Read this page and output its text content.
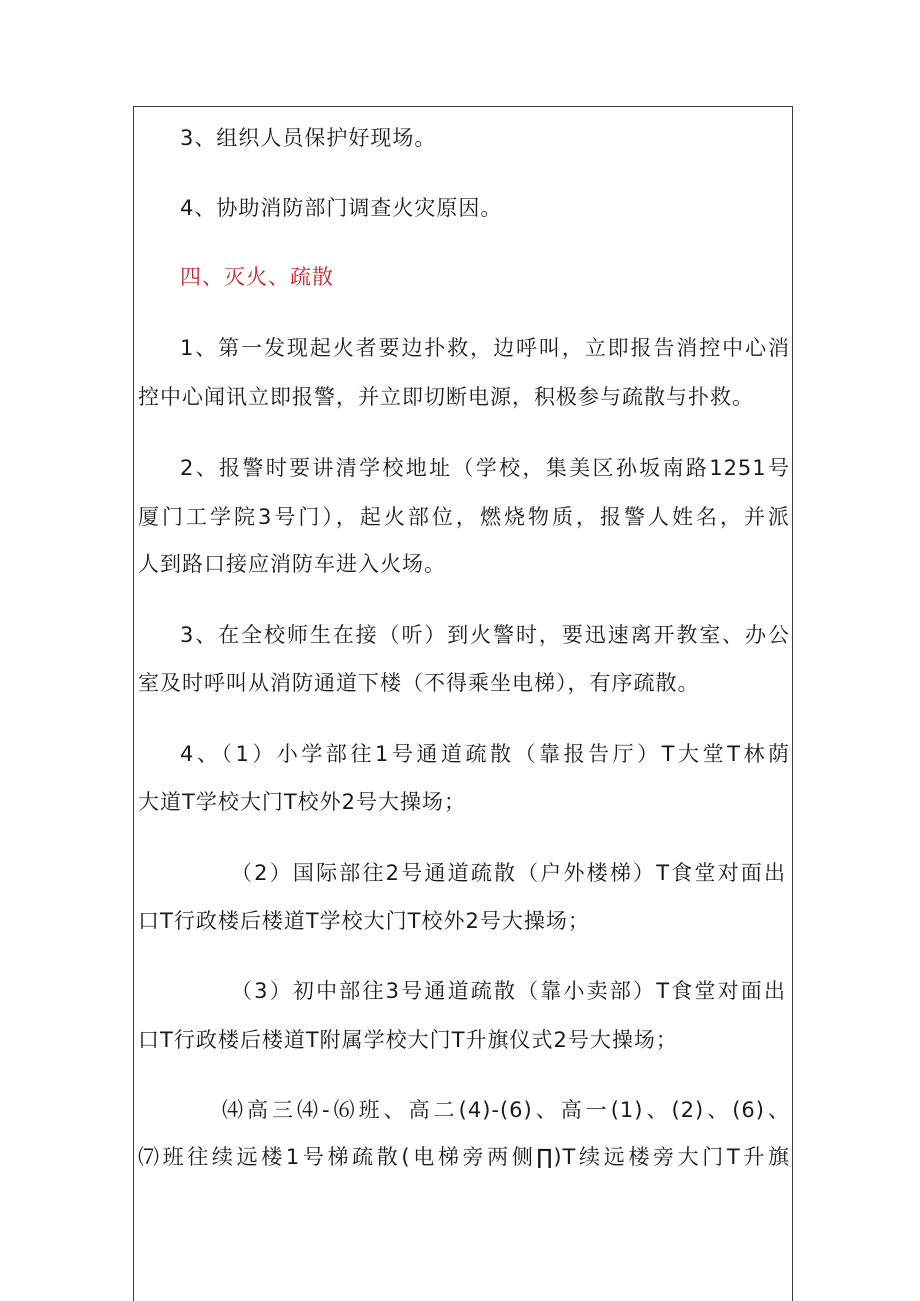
3、组织人员保护好现场。
4、协助消防部门调查火灾原因。
四、灭火、疏散
1、第一发现起火者要边扑救，边呼叫，立即报告消控中心消
控中心闻讯立即报警，并立即切断电源，积极参与疏散与扑救。
2、报警时要讲清学校地址（学校，集美区孙坂南路1251号
厦门工学院3号门），起火部位，燃烧物质，报警人姓名，并派
人到路口接应消防车进入火场。
3、在全校师生在接（听）到火警时，要迅速离开教室、办公
室及时呼叫从消防通道下楼（不得乘坐电梯），有序疏散。
4、（1）小学部往1号通道疏散（靠报告厅）T大堂T林荫
大道T学校大门T校外2号大操场；
（2）国际部往2号通道疏散（户外楼梯）T食堂对面出
口T行政楼后楼道T学校大门T校外2号大操场；
（3）初中部往3号通道疏散（靠小卖部）T食堂对面出
口T行政楼后楼道T附属学校大门T升旗仪式2号大操场；
⑷高三⑷-⑹班、高二(4)-(6)、高一(1)、(2)、(6)、
⑺班往续远楼1号梯疏散(电梯旁两侧∏)T续远楼旁大门T升旗
